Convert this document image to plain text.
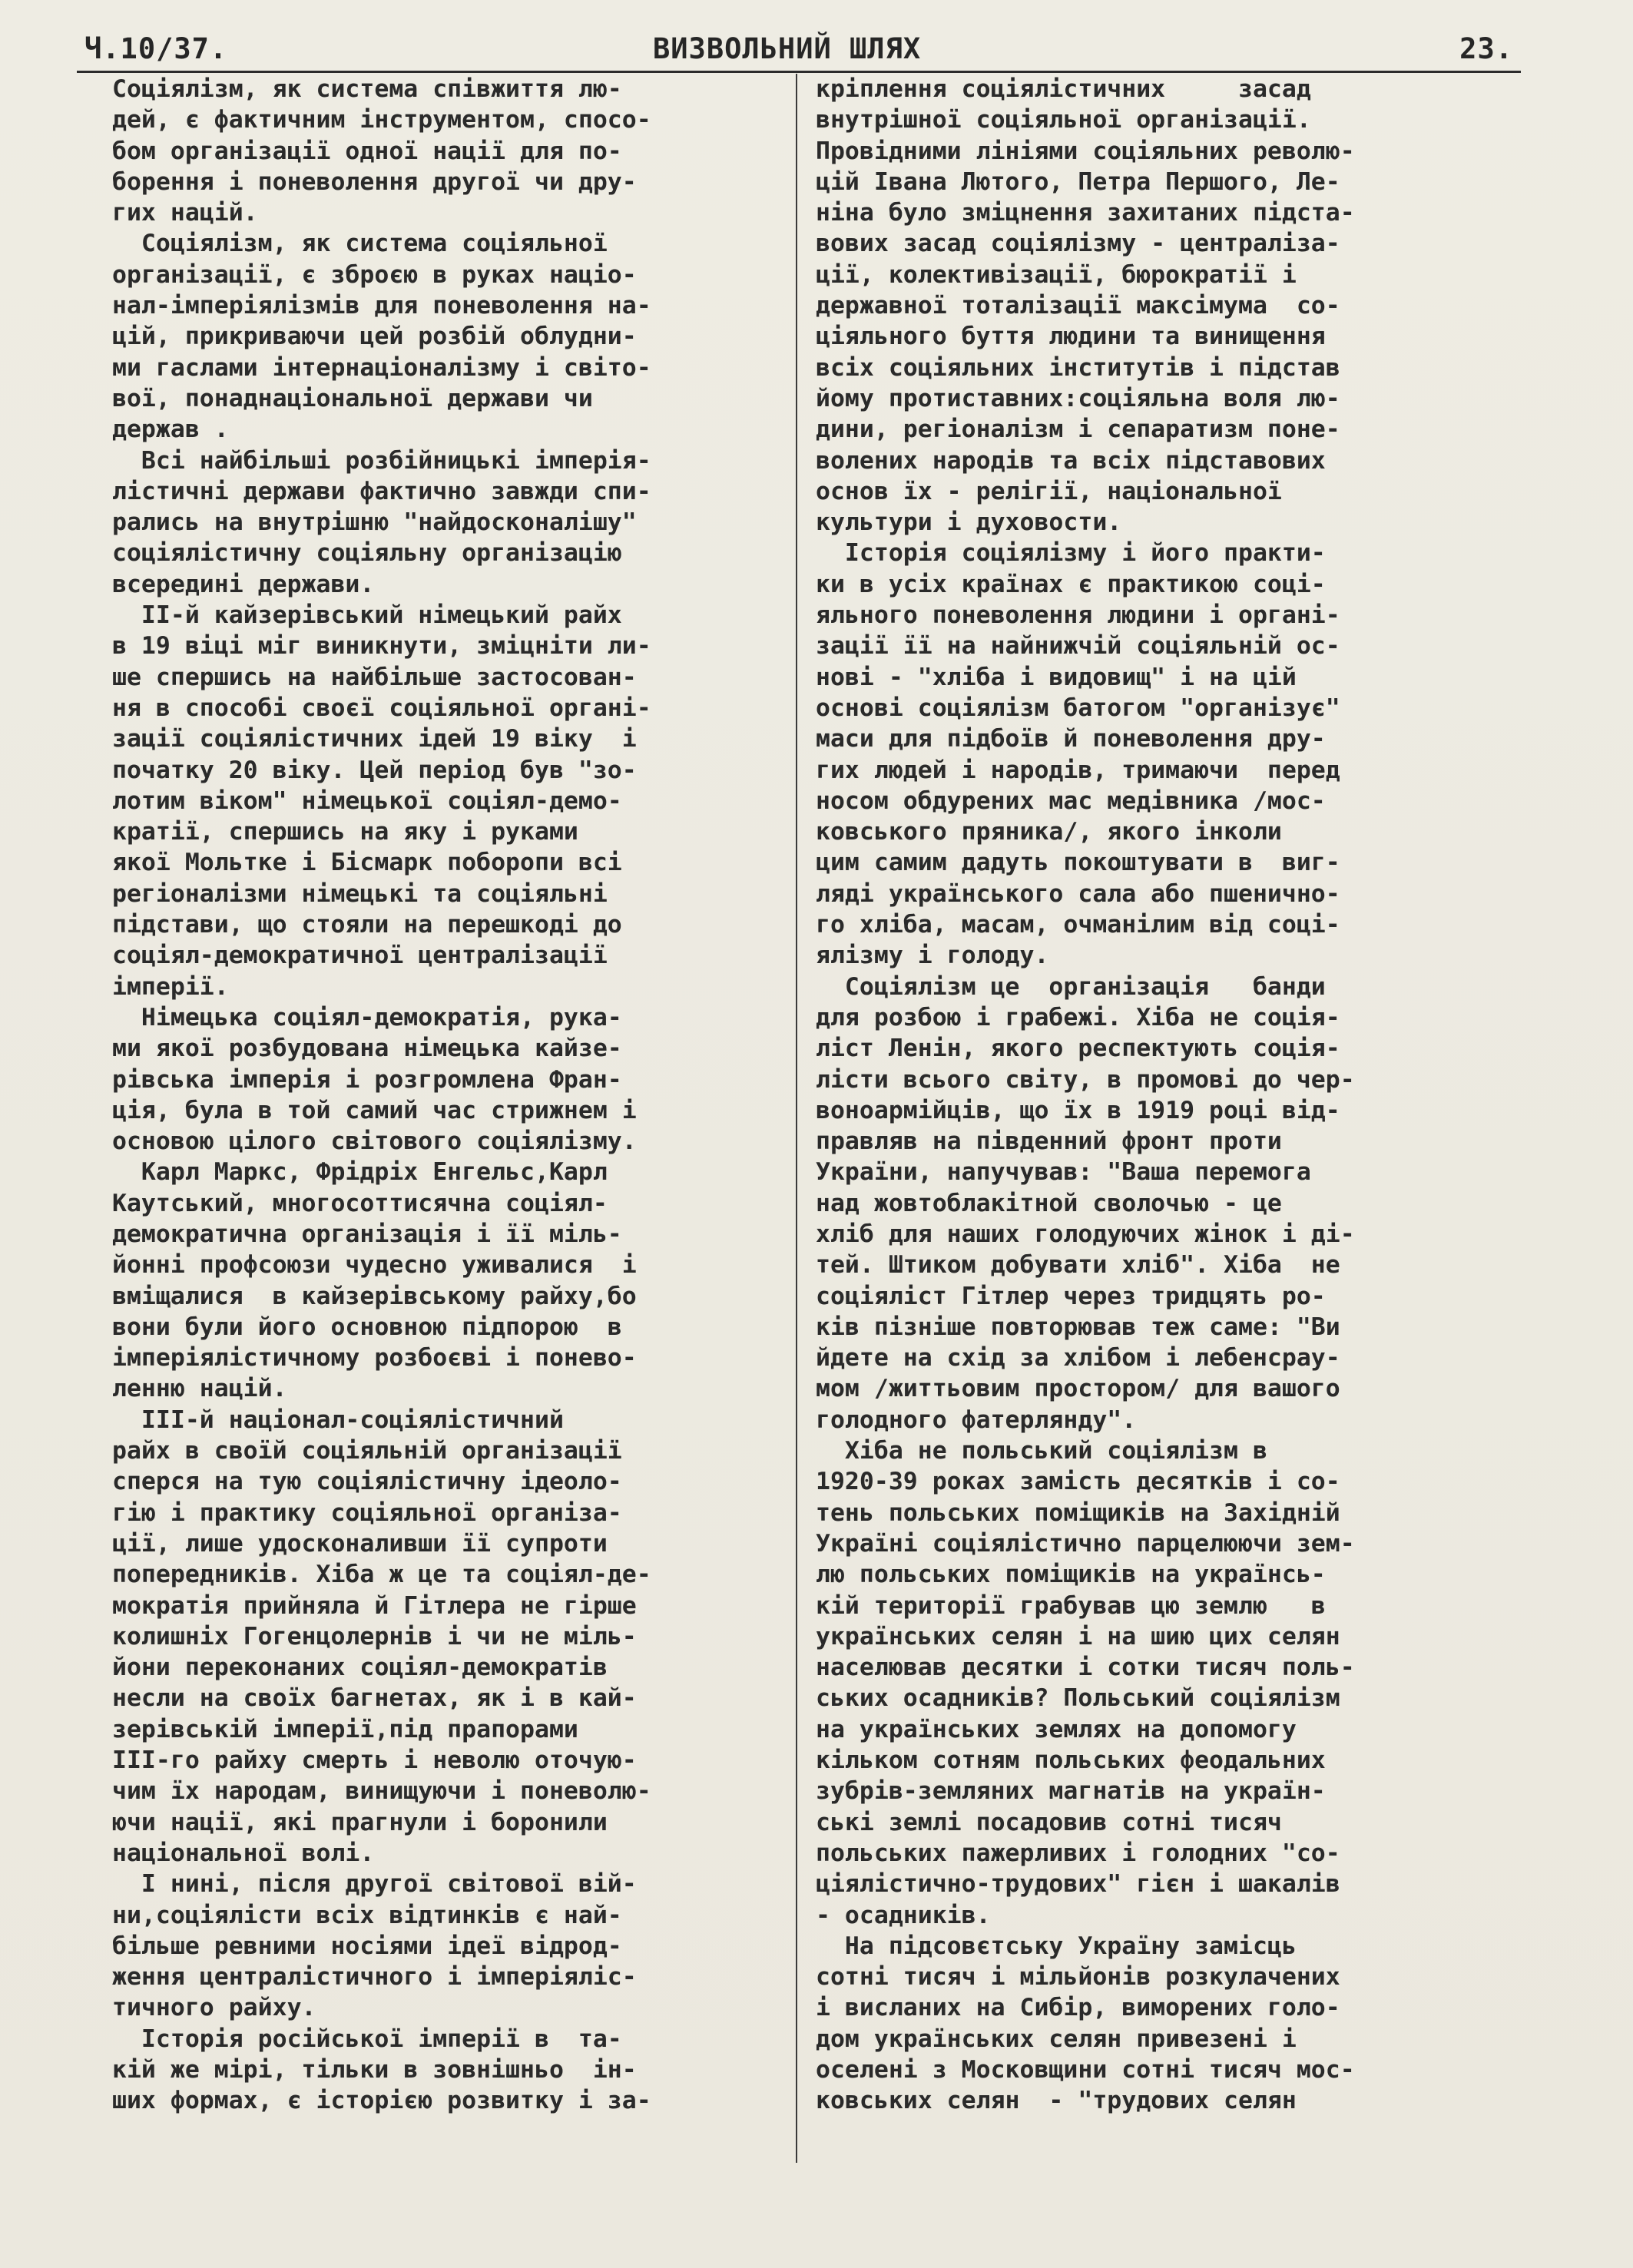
Ч.10/37.	ВИЗВОЛЬНИЙ ШЛЯХ	23.

Соціялізм, як система співжиття лю-

дей, є фактичним інструментом, спосо-

бом організації одної нації для по-

борення і поневолення другої чи дру-

гих націй.

Соціялізм, як система соціяльної

організації, є зброєю в руках націо-

нал-імперіялізмів для поневолення на-

цій, прикриваючи цей розбій облудни-

ми гаслами інтернаціоналізму і світо-

вої, понаднаціональної держави чи

держав .

Всі найбільші розбійницькі імперія-

лістичні держави фактично завжди спи-

рались на внутрішню "найдосконалішу"

соціялістичну соціяльну організацію

всередині держави.

ІІ-й кайзерівський німецький райх

в 19 віці міг виникнути, зміцніти ли-

ше спершись на найбільше застосован-

ня в способі своєї соціяльної органі-

зації соціялістичних ідей 19 віку  і

початку 20 віку. Цей період був "зо-

лотим віком" німецької соціял-демо-

кратії, спершись на яку і руками

якої Мольтке і Бісмарк поборопи всі

регіоналізми німецькі та соціяльні

підстави, що стояли на перешкоді до

соціял-демократичної централізації

імперії.

Німецька соціял-демократія, рука-

ми якої розбудована німецька кайзе-

рівська імперія і розгромлена Фран-

ція, була в той самий час стрижнем і

основою цілого світового соціялізму.

Карл Маркс, Фрідріх Енгельс,Карл

Каутський, многосоттисячна соціял-

демократична організація і її міль-

йонні профсоюзи чудесно уживалися  і

вміщалися  в кайзерівському райху,бо

вони були його основною підпорою  в

імперіялістичному розбоєві і понево-

ленню націй.

ІІІ-й націонал-соціялістичний

райх в своїй соціяльній організації

сперся на тую соціялістичну ідеоло-

гію і практику соціяльної організа-

ції, лише удосконаливши її супроти

попередників. Хіба ж це та соціял-де-

мократія прийняла й Гітлера не гірше

колишніх Гогенцолернів і чи не міль-

йони переконаних соціял-демократів

несли на своїх багнетах, як і в кай-

зерівській імперії,під прапорами

ІІІ-го райху смерть і неволю оточую-

чим їх народам, винищуючи і поневолю-

ючи нації, які прагнули і боронили

національної волі.

І нині, після другої світової вій-

ни,соціялісти всіх відтинків є най-

більше ревними носіями ідеї відрод-

ження централістичного і імперіяліс-

тичного райху.

Історія російської імперії в  та-

кій же мірі, тільки в зовнішньо  ін-

ших формах, є історією розвитку і за-

кріплення соціялістичних     засад

внутрішної соціяльної організації.

Провідними лініями соціяльних револю-

цій Івана Лютого, Петра Першого, Ле-

ніна було зміцнення захитаних підста-

вових засад соціялізму - централіза-

ції, колективізації, бюрократії і

державної тоталізації максімума  со-

ціяльного буття людини та винищення

всіх соціяльних інститутів і підстав

йому протиставних:соціяльна воля лю-

дини, регіоналізм і сепаратизм поне-

волених народів та всіх підставових

основ їх - релігії, національної

культури і духовости.

Історія соціялізму і його практи-

ки в усіх країнах є практикою соці-

яльного поневолення людини і органі-

зації її на найнижчій соціяльній ос-

нові - "хліба і видовищ" і на цій

основі соціялізм батогом "організує"

маси для підбоїв й поневолення дру-

гих людей і народів, тримаючи  перед

носом обдурених мас медівника /мос-

ковського пряника/, якого інколи

цим самим дадуть покоштувати в  виг-

ляді українського сала або пшенично-

го хліба, масам, очманілим від соці-

ялізму і голоду.

Соціялізм це  організація   банди

для розбою і грабежі. Хіба не соція-

ліст Ленін, якого респектують соція-

лісти всього світу, в промові до чер-

воноармійців, що їх в 1919 році від-

правляв на південний фронт проти

України, напучував: "Ваша перемога

над жовтоблакітной сволочью - це

хліб для наших голодуючих жінок і ді-

тей. Штиком добувати хліб". Хіба  не

соціяліст Гітлер через тридцять ро-

ків пізніше повторював теж саме: "Ви

йдете на схід за хлібом і лебенсрау-

мом /життьовим простором/ для вашого

голодного фатерлянду".

Хіба не польський соціялізм в

1920-39 роках замість десятків і со-

тень польських поміщиків на Західній

Україні соціялістично парцелюючи зем-

лю польських поміщиків на українсь-

кій території грабував цю землю   в

українських селян і на шию цих селян

населював десятки і сотки тисяч поль-

ських осадників? Польський соціялізм

на українських землях на допомогу

кільком сотням польських феодальних

зубрів-земляних магнатів на україн-

ські землі посадовив сотні тисяч

польських пажерливих і голодних "со-

ціялістично-трудових" гієн і шакалів

- осадників.

На підсовєтську Україну замісць

сотні тисяч і мільйонів розкулачених

і висланих на Сибір, виморених голо-

дом українських селян привезені і

оселені з Московщини сотні тисяч мос-

ковських селян  - "трудових селян
